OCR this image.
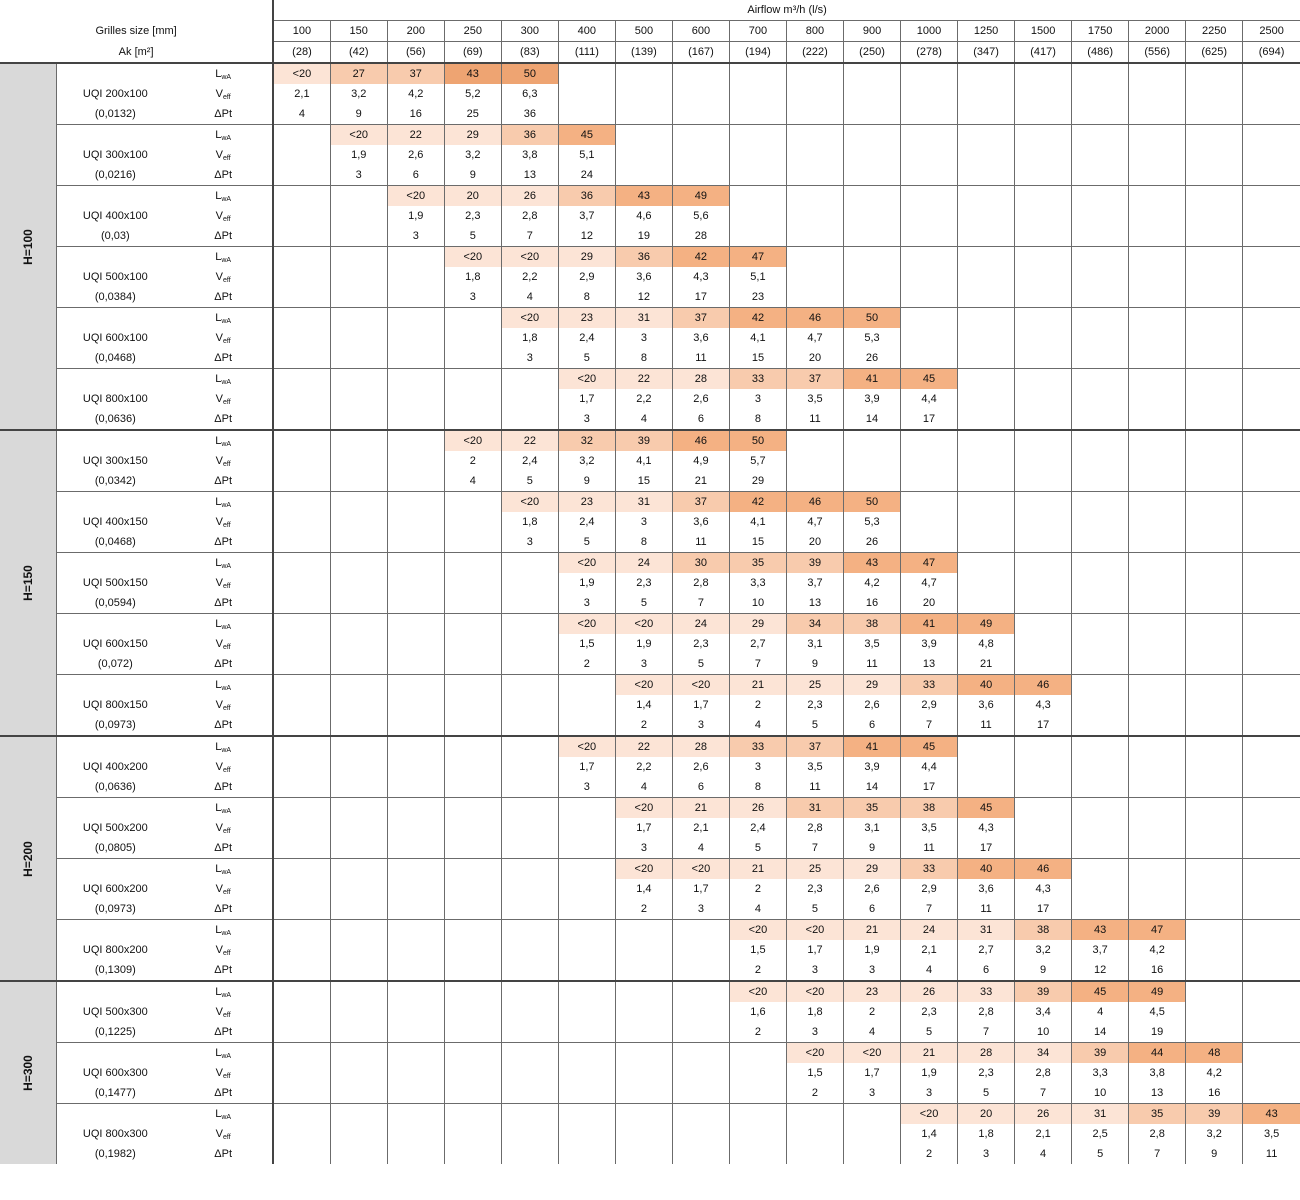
			Airflow m³/h (l/s)																	
Grilles size [mm]			100	150	200	250	300	400	500	600	700	800	900	1000	1250	1500	1750	2000	2250	2500
Ak [m²]			(28)	(42)	(56)	(69)	(83)	(111)	(139)	(167)	(194)	(222)	(250)	(278)	(347)	(417)	(486)	(556)	(625)	(694)
H=100		$L_{wA}$	<20	27	37	43	50													
	UQI 200x100	$V_{eff}$	2,1	3,2	4,2	5,2	6,3													
	(0,0132)	ΔPt	4	9	16	25	36													
		$L_{wA}$		<20	22	29	36	45												
	UQI 300x100	$V_{eff}$		1,9	2,6	3,2	3,8	5,1												
	(0,0216)	ΔPt		3	6	9	13	24												
		$L_{wA}$			<20	20	26	36	43	49										
	UQI 400x100	$V_{eff}$			1,9	2,3	2,8	3,7	4,6	5,6										
	(0,03)	ΔPt			3	5	7	12	19	28										
		$L_{wA}$				<20	<20	29	36	42	47									
	UQI 500x100	$V_{eff}$				1,8	2,2	2,9	3,6	4,3	5,1									
	(0,0384)	ΔPt				3	4	8	12	17	23									
		$L_{wA}$					<20	23	31	37	42	46	50							
	UQI 600x100	$V_{eff}$					1,8	2,4	3	3,6	4,1	4,7	5,3							
	(0,0468)	ΔPt					3	5	8	11	15	20	26							
		$L_{wA}$						<20	22	28	33	37	41	45						
	UQI 800x100	$V_{eff}$						1,7	2,2	2,6	3	3,5	3,9	4,4						
	(0,0636)	ΔPt						3	4	6	8	11	14	17						
H=150		$L_{wA}$				<20	22	32	39	46	50									
	UQI 300x150	$V_{eff}$				2	2,4	3,2	4,1	4,9	5,7									
	(0,0342)	ΔPt				4	5	9	15	21	29									
		$L_{wA}$					<20	23	31	37	42	46	50							
	UQI 400x150	$V_{eff}$					1,8	2,4	3	3,6	4,1	4,7	5,3							
	(0,0468)	ΔPt					3	5	8	11	15	20	26							
		$L_{wA}$						<20	24	30	35	39	43	47						
	UQI 500x150	$V_{eff}$						1,9	2,3	2,8	3,3	3,7	4,2	4,7						
	(0,0594)	ΔPt						3	5	7	10	13	16	20						
		$L_{wA}$						<20	<20	24	29	34	38	41	49					
	UQI 600x150	$V_{eff}$						1,5	1,9	2,3	2,7	3,1	3,5	3,9	4,8					
	(0,072)	ΔPt						2	3	5	7	9	11	13	21					
		$L_{wA}$							<20	<20	21	25	29	33	40	46				
	UQI 800x150	$V_{eff}$							1,4	1,7	2	2,3	2,6	2,9	3,6	4,3				
	(0,0973)	ΔPt							2	3	4	5	6	7	11	17				
H=200		$L_{wA}$						<20	22	28	33	37	41	45						
	UQI 400x200	$V_{eff}$						1,7	2,2	2,6	3	3,5	3,9	4,4						
	(0,0636)	ΔPt						3	4	6	8	11	14	17						
		$L_{wA}$							<20	21	26	31	35	38	45					
	UQI 500x200	$V_{eff}$							1,7	2,1	2,4	2,8	3,1	3,5	4,3					
	(0,0805)	ΔPt							3	4	5	7	9	11	17					
		$L_{wA}$							<20	<20	21	25	29	33	40	46				
	UQI 600x200	$V_{eff}$							1,4	1,7	2	2,3	2,6	2,9	3,6	4,3				
	(0,0973)	ΔPt							2	3	4	5	6	7	11	17				
		$L_{wA}$									<20	<20	21	24	31	38	43	47		
	UQI 800x200	$V_{eff}$									1,5	1,7	1,9	2,1	2,7	3,2	3,7	4,2		
	(0,1309)	ΔPt									2	3	3	4	6	9	12	16		
H=300		$L_{wA}$									<20	<20	23	26	33	39	45	49		
	UQI 500x300	$V_{eff}$									1,6	1,8	2	2,3	2,8	3,4	4	4,5		
	(0,1225)	ΔPt									2	3	4	5	7	10	14	19		
		$L_{wA}$										<20	<20	21	28	34	39	44	48	
	UQI 600x300	$V_{eff}$										1,5	1,7	1,9	2,3	2,8	3,3	3,8	4,2	
	(0,1477)	ΔPt										2	3	3	5	7	10	13	16	
		$L_{wA}$												<20	20	26	31	35	39	43
	UQI 800x300	$V_{eff}$												1,4	1,8	2,1	2,5	2,8	3,2	3,5
	(0,1982)	ΔPt												2	3	4	5	7	9	11
